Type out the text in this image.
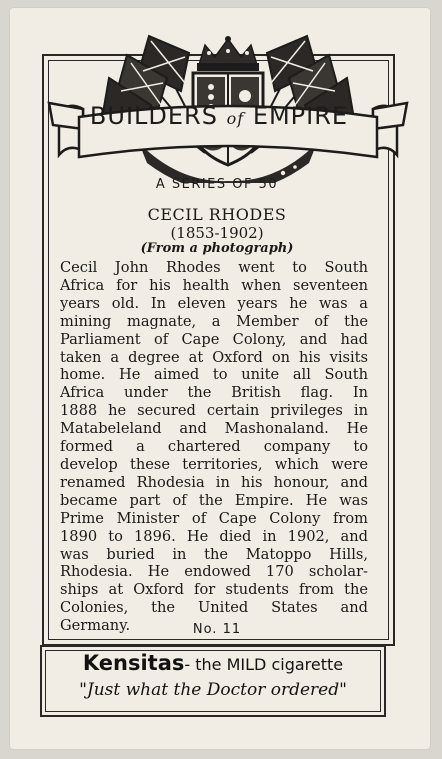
BUILDERS of EMPIRE
A SERIES OF 50
CECIL RHODES
(1853-1902)
(From a photograph)
Cecil John Rhodes went to South
Africa for his health when seventeen
years old. In eleven years he was a
mining magnate, a Member of the
Parliament of Cape Colony, and had
taken a degree at Oxford on his visits
home. He aimed to unite all South
Africa under the British flag. In
1888 he secured certain privileges in
Matabeleland and Mashonaland. He
formed a chartered company to
develop these territories, which were
renamed Rhodesia in his honour, and
became part of the Empire. He was
Prime Minister of Cape Colony from
1890 to 1896. He died in 1902, and
was buried in the Matoppo Hills,
Rhodesia. He endowed 170 scholar-
ships at Oxford for students from the
Colonies, the United States and
Germany.	No. 11
Kensitas- the MILD cigarette
"Just what the Doctor ordered"
